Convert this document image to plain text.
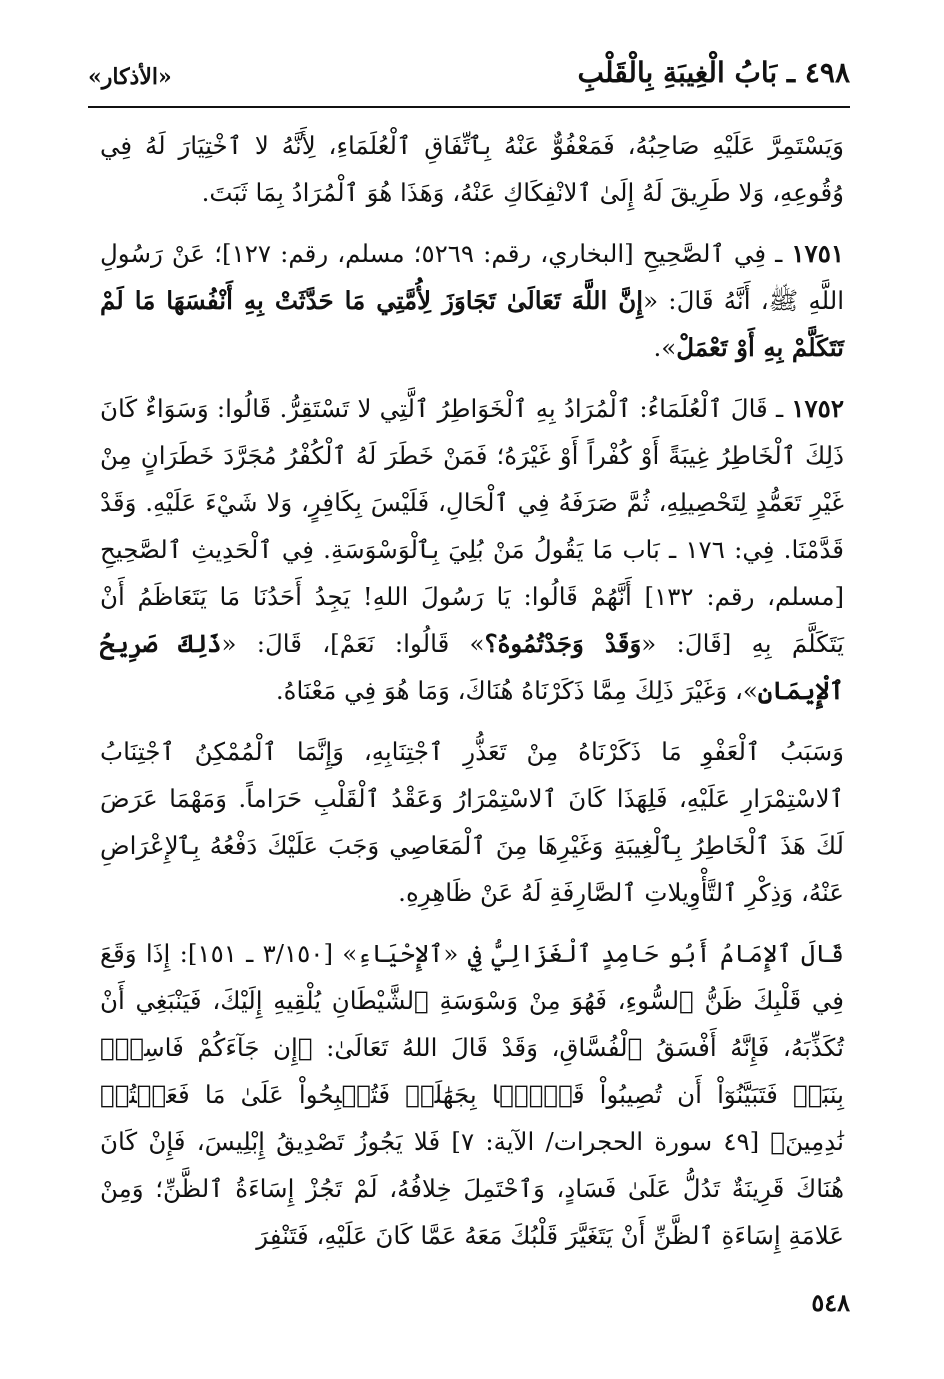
٤٩٨ ـ بَابُ الْغِيبَةِ بِالْقَلْبِ
«الأذكار»

وَيَسْتَمِرَّ عَلَيْهِ صَاحِبُهُ، فَمَعْفُوٌّ عَنْهُ بِٱتِّفَاقِ ٱلْعُلَمَاءِ، لِأَنَّهُ لا ٱخْتِيَارَ لَهُ فِي وُقُوعِهِ، وَلا طَرِيقَ لَهُ إِلَىٰ ٱلانْفِكَاكِ عَنْهُ، وَهَذَا هُوَ ٱلْمُرَادُ بِمَا ثَبَتَ.

١٧٥١ ـ فِي ٱلصَّحِيحِ [البخاري، رقم: ٥٢٦٩؛ مسلم، رقم: ١٢٧]؛ عَنْ رَسُولِ اللَّهِ ﷺ، أَنَّهُ قَالَ: «إِنَّ اللَّهَ تَعَالَىٰ تَجَاوَزَ لِأُمَّتِي مَا حَدَّثَتْ بِهِ أَنْفُسَهَا مَا لَمْ تَتَكَلَّمْ بِهِ أَوْ تَعْمَلْ».

١٧٥٢ ـ قَالَ ٱلْعُلَمَاءُ: ٱلْمُرَادُ بِهِ ٱلْخَوَاطِرُ ٱلَّتِي لا تَسْتَقِرُّ. قَالُوا: وَسَوَاءٌ كَانَ ذَلِكَ ٱلْخَاطِرُ غِيبَةً أَوْ كُفْراً أَوْ غَيْرَهُ؛ فَمَنْ خَطَرَ لَهُ ٱلْكُفْرُ مُجَرَّدَ خَطَرَانٍ مِنْ غَيْرِ تَعَمُّدٍ لِتَحْصِيلِهِ، ثُمَّ صَرَفَهُ فِي ٱلْحَالِ، فَلَيْسَ بِكَافِرٍ، وَلا شَيْءَ عَلَيْهِ. وَقَدْ قَدَّمْنَا. فِي: ١٧٦ ـ بَاب مَا يَقُولُ مَنْ بُلِيَ بِٱلْوَسْوَسَةِ. فِي ٱلْحَدِيثِ ٱلصَّحِيحِ [مسلم، رقم: ١٣٢] أَنَّهُمْ قَالُوا: يَا رَسُولَ اللهِ! يَجِدُ أَحَدُنَا مَا يَتَعَاظَمُ أَنْ يَتَكَلَّمَ بِهِ [قَالَ: «وَقَدْ وَجَدْتُمُوهُ؟» قَالُوا: نَعَمْ]، قَالَ: «ذَلِكَ صَرِيحُ ٱلْإِيمَانِ»، وَغَيْرَ ذَلِكَ مِمَّا ذَكَرْنَاهُ هُنَاكَ، وَمَا هُوَ فِي مَعْنَاهُ.

وَسَبَبُ ٱلْعَفْوِ مَا ذَكَرْنَاهُ مِنْ تَعَذُّرِ ٱجْتِنَابِهِ، وَإِنَّمَا ٱلْمُمْكِنُ ٱجْتِنَابُ ٱلاسْتِمْرَارِ عَلَيْهِ، فَلِهَذَا كَانَ ٱلاسْتِمْرَارُ وَعَقْدُ ٱلْقَلْبِ حَرَاماً. وَمَهْمَا عَرَضَ لَكَ هَذَ ٱلْخَاطِرُ بِٱلْغِيبَةِ وَغَيْرِهَا مِنَ ٱلْمَعَاصِي وَجَبَ عَلَيْكَ دَفْعُهُ بِٱلإِعْرَاضِ عَنْهُ، وَذِكْرِ ٱلتَّأْوِيلاتِ ٱلصَّارِفَةِ لَهُ عَنْ ظَاهِرِهِ.

قَالَ ٱلإِمَامُ أَبُو حَامِدٍ ٱلْغَزَالِيُّ فِي «ٱلإِحْيَاءِ» [٣/١٥٠ ـ ١٥١]: إِذَا وَقَعَ فِي قَلْبِكَ ظَنُّ ٱلسُّوءِ، فَهُوَ مِنْ وَسْوَسَةِ ٱلشَّيْطَانِ يُلْقِيهِ إِلَيْكَ، فَيَنْبَغِي أَنْ تُكَذِّبَهُ، فَإِنَّهُ أَفْسَقُ ٱلْفُسَّاقِ، وَقَدْ قَالَ اللهُ تَعَالَىٰ: ﴿إِن جَآءَكُمْ فَاسِقٌۢ بِنَبَإٖ فَتَبَيَّنُوٓاْ أَن تُصِيبُواْ قَوۡمَۢا بِجَهَٰلَةٖ فَتُصۡبِحُواْ عَلَىٰ مَا فَعَلۡتُمۡ نَٰدِمِينَ﴾ [٤٩ سورة الحجرات/ الآية: ٧] فَلا يَجُوزُ تَصْدِيقُ إِبْلِيسَ، فَإِنْ كَانَ هُنَاكَ قَرِينَةٌ تَدُلُّ عَلَىٰ فَسَادٍ، وَٱحْتَمِلَ خِلافُهُ، لَمْ تَجُزْ إِسَاءَةُ ٱلظَّنِّ؛ وَمِنْ عَلامَةِ إِسَاءَةِ ٱلظَّنِّ أَنْ يَتَغَيَّرَ قَلْبُكَ مَعَهُ عَمَّا كَانَ عَلَيْهِ، فَتَنْفِرَ

٥٤٨
